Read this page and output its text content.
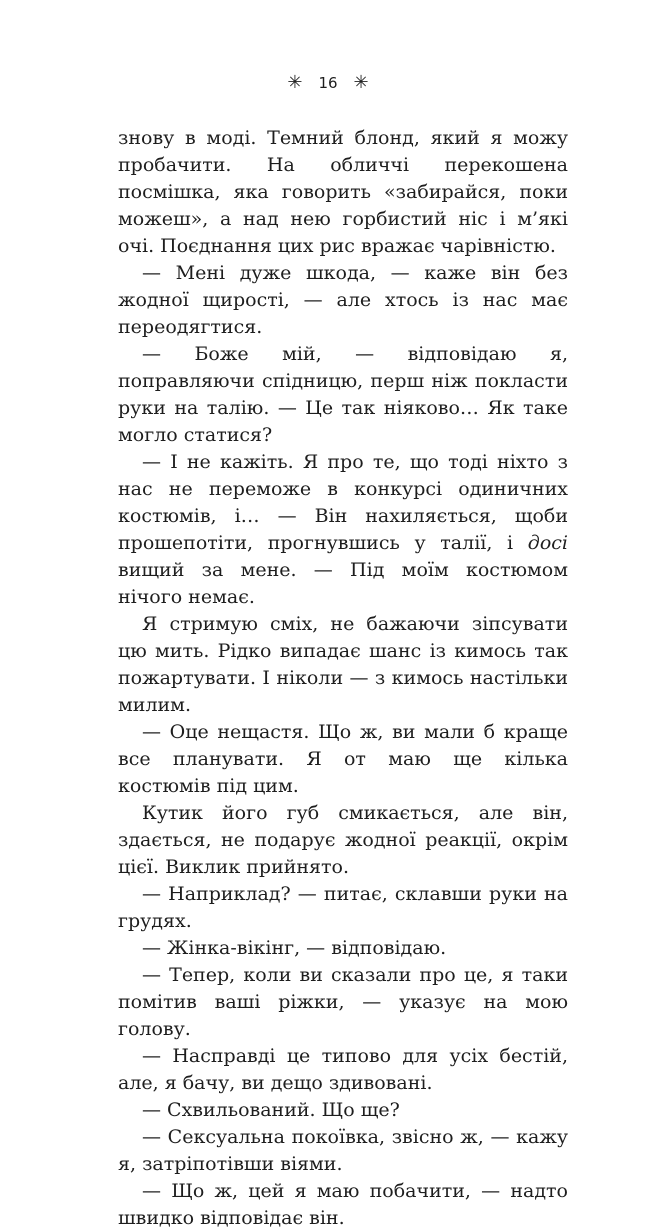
✳ 16 ✳

знову в моді. Темний блонд, який я можу пробачити. На обличчі перекошена посмішка, яка говорить «забирайся, поки можеш», а над нею горбистий ніс і м’які очі. Поєднання цих рис вражає чарівністю.

— Мені дуже шкода, — каже він без жодної щирості, — але хтось із нас має переодягтися.

— Боже мій, — відповідаю я, поправляючи спідницю, перш ніж покласти руки на талію. — Це так ніяково… Як таке могло статися?

— І не кажіть. Я про те, що тоді ніхто з нас не переможе в конкурсі одиничних костюмів, і… — Він нахиляється, щоби прошепотіти, прогнувшись у талії, і досі вищий за мене. — Під моїм костюмом нічого немає.

Я стримую сміх, не бажаючи зіпсувати цю мить. Рідко випадає шанс із кимось так пожартувати. І ніколи — з кимось настільки милим.

— Оце нещастя. Що ж, ви мали б краще все планувати. Я от маю ще кілька костюмів під цим.

Кутик його губ смикається, але він, здається, не подарує жодної реакції, окрім цієї. Виклик прийнято.

— Наприклад? — питає, склавши руки на грудях.

— Жінка-вікінг, — відповідаю.

— Тепер, коли ви сказали про це, я таки помітив ваші ріжки, — указує на мою голову.

— Насправді це типово для усіх бестій, але, я бачу, ви дещо здивовані.

— Схвильований. Що ще?

— Сексуальна покоївка, звісно ж, — кажу я, затріпотівши віями.

— Що ж, цей я маю побачити, — надто швидко відповідає він.
